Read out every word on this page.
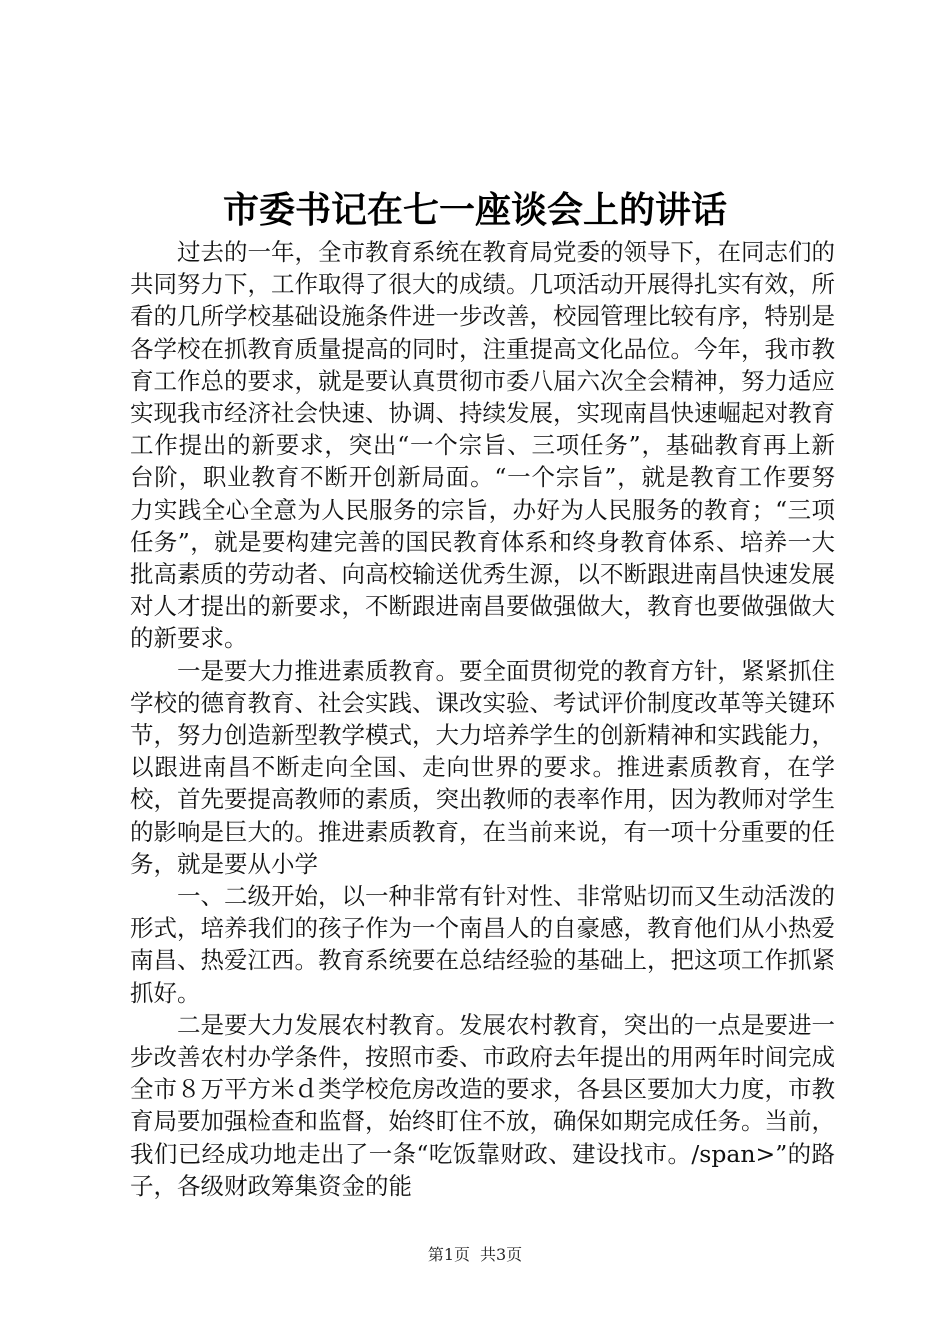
市委书记在七一座谈会上的讲话

过去的一年，全市教育系统在教育局党委的领导下，在同志们的共同努力下，工作取得了很大的成绩。几项活动开展得扎实有效，所看的几所学校基础设施条件进一步改善，校园管理比较有序，特别是各学校在抓教育质量提高的同时，注重提高文化品位。今年，我市教育工作总的要求，就是要认真贯彻市委八届六次全会精神，努力适应实现我市经济社会快速、协调、持续发展，实现南昌快速崛起对教育工作提出的新要求，突出“一个宗旨、三项任务”，基础教育再上新台阶，职业教育不断开创新局面。“一个宗旨”，就是教育工作要努力实践全心全意为人民服务的宗旨，办好为人民服务的教育；“三项任务”，就是要构建完善的国民教育体系和终身教育体系、培养一大批高素质的劳动者、向高校输送优秀生源，以不断跟进南昌快速发展对人才提出的新要求，不断跟进南昌要做强做大，教育也要做强做大的新要求。

一是要大力推进素质教育。要全面贯彻党的教育方针，紧紧抓住学校的德育教育、社会实践、课改实验、考试评价制度改革等关键环节，努力创造新型教学模式，大力培养学生的创新精神和实践能力，以跟进南昌不断走向全国、走向世界的要求。推进素质教育，在学校，首先要提高教师的素质，突出教师的表率作用，因为教师对学生的影响是巨大的。推进素质教育，在当前来说，有一项十分重要的任务，就是要从小学

一、二级开始，以一种非常有针对性、非常贴切而又生动活泼的形式，培养我们的孩子作为一个南昌人的自豪感，教育他们从小热爱南昌、热爱江西。教育系统要在总结经验的基础上，把这项工作抓紧抓好。

二是要大力发展农村教育。发展农村教育，突出的一点是要进一步改善农村办学条件，按照市委、市政府去年提出的用两年时间完成全市８万平方米ｄ类学校危房改造的要求，各县区要加大力度，市教育局要加强检查和监督，始终盯住不放，确保如期完成任务。当前，我们已经成功地走出了一条“吃饭靠财政、建设找市。/span>”的路子，各级财政筹集资金的能

第1页 共3页
